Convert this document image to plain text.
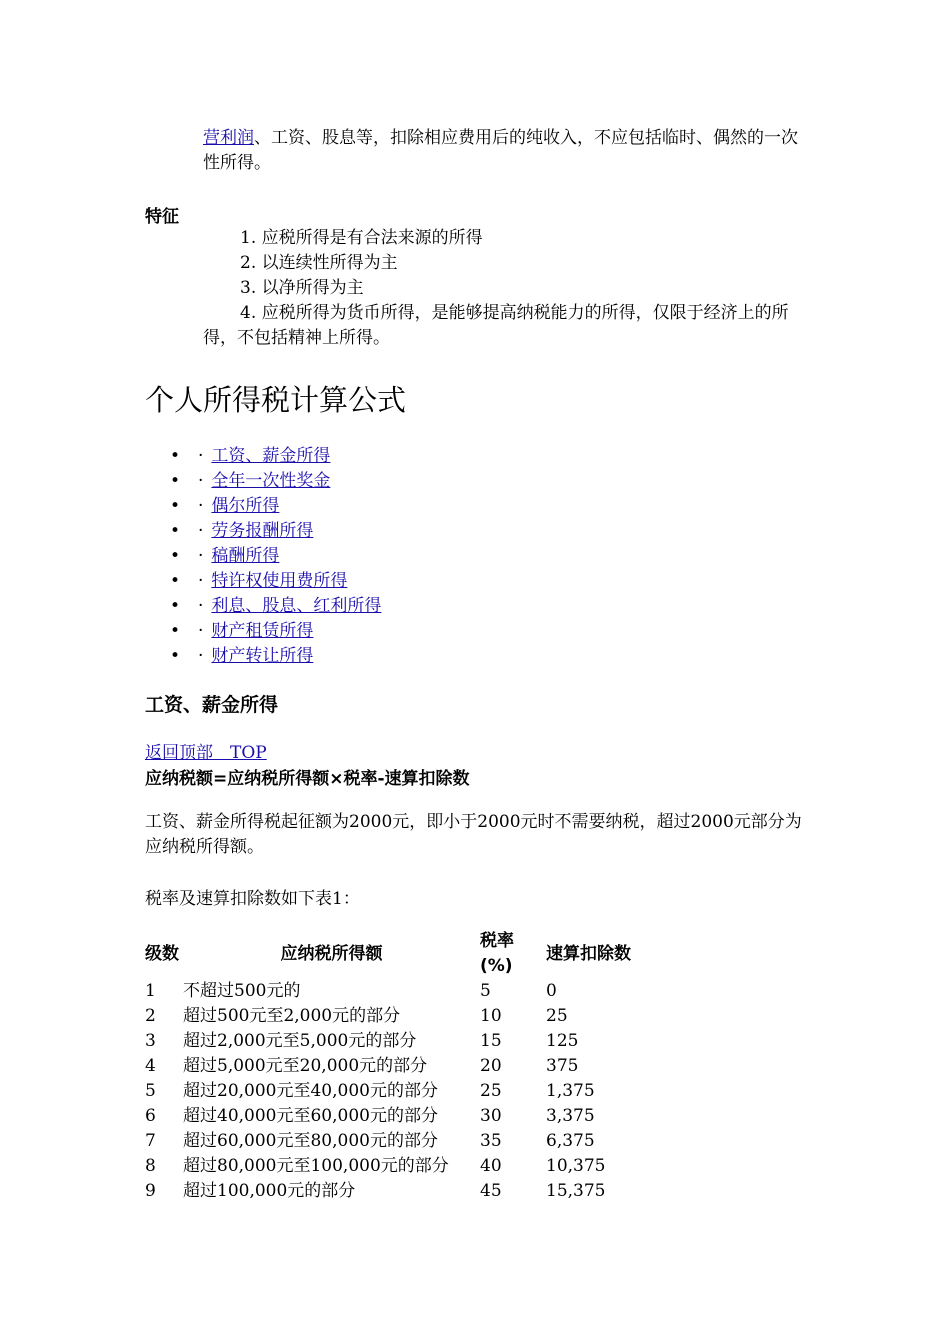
营利润、工资、股息等，扣除相应费用后的纯收入，不应包括临时、偶然的一次性所得。
特征
1. 应税所得是有合法来源的所得
2. 以连续性所得为主
3. 以净所得为主
4. 应税所得为货币所得，是能够提高纳税能力的所得，仅限于经济上的所得，不包括精神上所得。
个人所得税计算公式
• · 工资、薪金所得
• · 全年一次性奖金
• · 偶尔所得
• · 劳务报酬所得
• · 稿酬所得
• · 特许权使用费所得
• · 利息、股息、红利所得
• · 财产租赁所得
• · 财产转让所得
工资、薪金所得
返回顶部　TOP
应纳税额=应纳税所得额×税率-速算扣除数
工资、薪金所得税起征额为2000元，即小于2000元时不需要纳税，超过2000元部分为应纳税所得额。
税率及速算扣除数如下表1：
级数	应纳税所得额	税率(%)	速算扣除数
1	不超过500元的	5	0
2	超过500元至2,000元的部分	10	25
3	超过2,000元至5,000元的部分	15	125
4	超过5,000元至20,000元的部分	20	375
5	超过20,000元至40,000元的部分	25	1,375
6	超过40,000元至60,000元的部分	30	3,375
7	超过60,000元至80,000元的部分	35	6,375
8	超过80,000元至100,000元的部分	40	10,375
9	超过100,000元的部分	45	15,375
